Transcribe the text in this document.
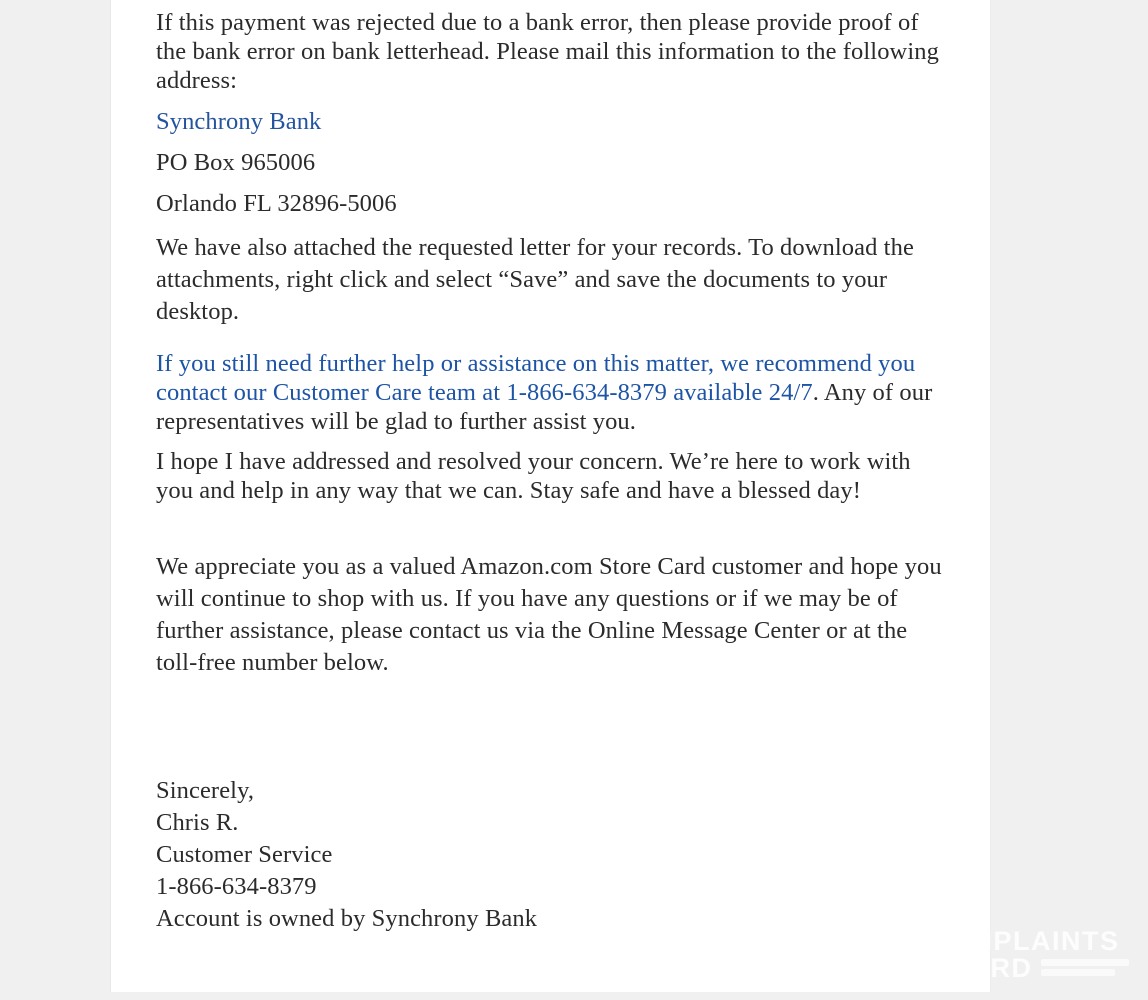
If this payment was rejected due to a bank error, then please provide proof of the bank error on bank letterhead. Please mail this information to the following address:

Synchrony Bank

PO Box 965006

Orlando FL 32896-5006

We have also attached the requested letter for your records. To download the attachments, right click and select “Save” and save the documents to your desktop.

If you still need further help or assistance on this matter, we recommend you contact our Customer Care team at 1-866-634-8379 available 24/7. Any of our representatives will be glad to further assist you.

I hope I have addressed and resolved your concern. We’re here to work with you and help in any way that we can. Stay safe and have a blessed day!

We appreciate you as a valued Amazon.com Store Card customer and hope you will continue to shop with us. If you have any questions or if we may be of further assistance, please contact us via the Online Message Center or at the toll-free number below.

Sincerely,
Chris R.
Customer Service
1-866-634-8379
Account is owned by Synchrony Bank
COMPLAINTS
BOARD
